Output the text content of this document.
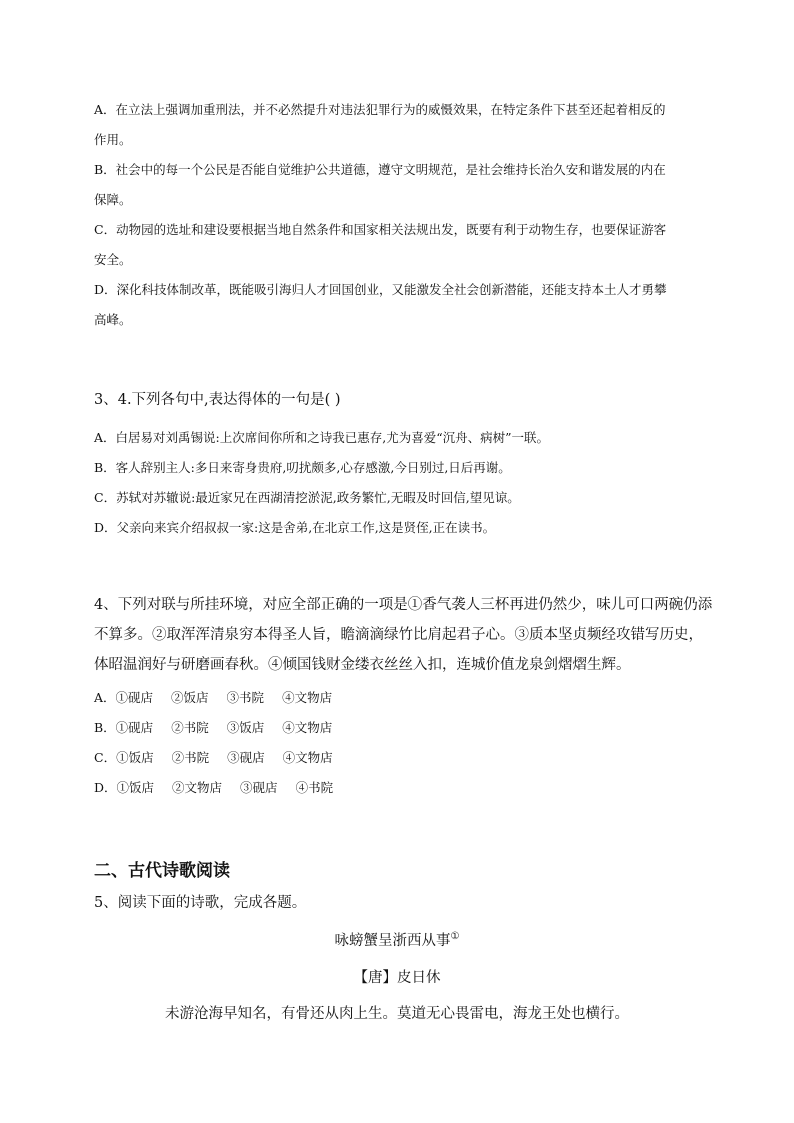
A．在立法上强调加重刑法，并不必然提升对违法犯罪行为的威慑效果，在特定条件下甚至还起着相反的

作用。

B．社会中的每一个公民是否能自觉维护公共道德，遵守文明规范，是社会维持长治久安和谐发展的内在

保障。

C．动物园的选址和建设要根据当地自然条件和国家相关法规出发，既要有利于动物生存，也要保证游客

安全。

D．深化科技体制改革，既能吸引海归人才回国创业，又能激发全社会创新潜能，还能支持本土人才勇攀

高峰。

3、4.下列各句中,表达得体的一句是( )

A．白居易对刘禹锡说:上次席间你所和之诗我已惠存,尤为喜爱“沉舟、病树”一联。

B．客人辞别主人:多日来寄身贵府,叨扰颇多,心存感激,今日别过,日后再谢。

C．苏轼对苏辙说:最近家兄在西湖清挖淤泥,政务繁忙,无暇及时回信,望见谅。

D．父亲向来宾介绍叔叔一家:这是舍弟,在北京工作,这是贤侄,正在读书。

4、下列对联与所挂环境，对应全部正确的一项是①香气袭人三杯再进仍然少，味儿可口两碗仍添

不算多。②取浑浑清泉穷本得圣人旨，瞻滴滴绿竹比肩起君子心。③质本坚贞频经攻错写历史，

体昭温润好与研磨画春秋。④倾国钱财金缕衣丝丝入扣，连城价值龙泉剑熠熠生辉。

A．①砚店 ②饭店 ③书院 ④文物店

B．①砚店 ②书院 ③饭店 ④文物店

C．①饭店 ②书院 ③砚店 ④文物店

D．①饭店 ②文物店 ③砚店 ④书院

二、古代诗歌阅读

5、阅读下面的诗歌，完成各题。

咏螃蟹呈浙西从事①
【唐】皮日休
未游沧海早知名，有骨还从肉上生。莫道无心畏雷电，海龙王处也横行。
